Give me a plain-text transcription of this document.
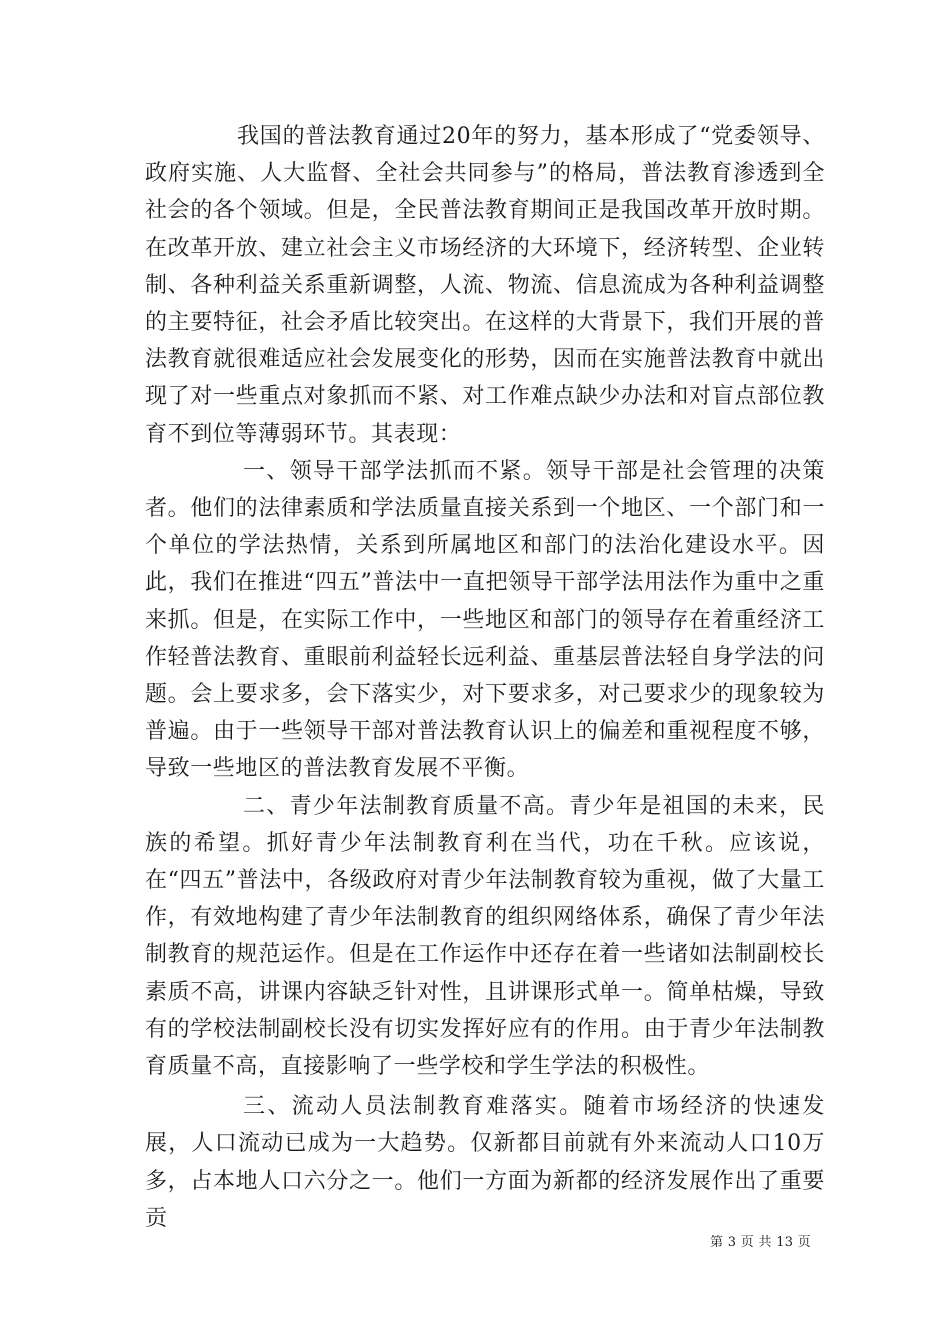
我国的普法教育通过20年的努力，基本形成了“党委领导、政府实施、人大监督、全社会共同参与”的格局，普法教育渗透到全社会的各个领域。但是，全民普法教育期间正是我国改革开放时期。在改革开放、建立社会主义市场经济的大环境下，经济转型、企业转制、各种利益关系重新调整，人流、物流、信息流成为各种利益调整的主要特征，社会矛盾比较突出。在这样的大背景下，我们开展的普法教育就很难适应社会发展变化的形势，因而在实施普法教育中就出现了对一些重点对象抓而不紧、对工作难点缺少办法和对盲点部位教育不到位等薄弱环节。其表现：

一、领导干部学法抓而不紧。领导干部是社会管理的决策者。他们的法律素质和学法质量直接关系到一个地区、一个部门和一个单位的学法热情，关系到所属地区和部门的法治化建设水平。因此，我们在推进“四五”普法中一直把领导干部学法用法作为重中之重来抓。但是，在实际工作中，一些地区和部门的领导存在着重经济工作轻普法教育、重眼前利益轻长远利益、重基层普法轻自身学法的问题。会上要求多，会下落实少，对下要求多，对己要求少的现象较为普遍。由于一些领导干部对普法教育认识上的偏差和重视程度不够，导致一些地区的普法教育发展不平衡。

二、青少年法制教育质量不高。青少年是祖国的未来，民族的希望。抓好青少年法制教育利在当代，功在千秋。应该说，在“四五”普法中，各级政府对青少年法制教育较为重视，做了大量工作，有效地构建了青少年法制教育的组织网络体系，确保了青少年法制教育的规范运作。但是在工作运作中还存在着一些诸如法制副校长素质不高，讲课内容缺乏针对性，且讲课形式单一。简单枯燥，导致有的学校法制副校长没有切实发挥好应有的作用。由于青少年法制教育质量不高，直接影响了一些学校和学生学法的积极性。

三、流动人员法制教育难落实。随着市场经济的快速发展，人口流动已成为一大趋势。仅新都目前就有外来流动人口10万多，占本地人口六分之一。他们一方面为新都的经济发展作出了重要贡

第 3 页 共 13 页
